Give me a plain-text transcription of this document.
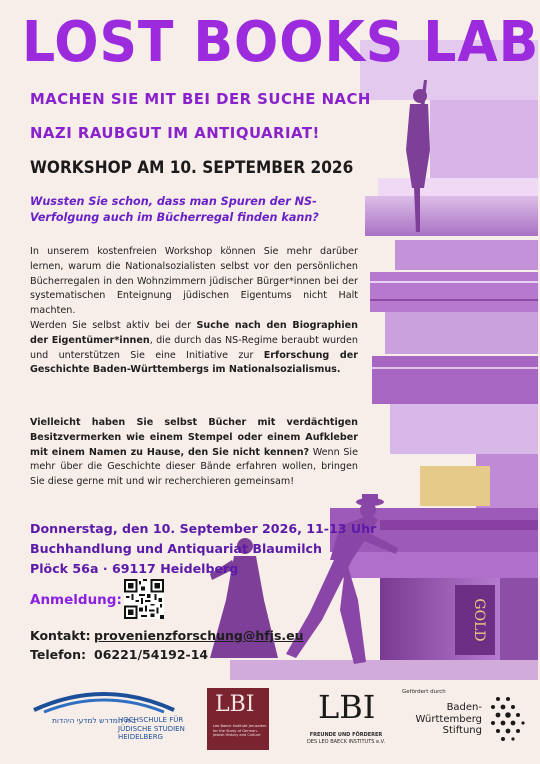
GOLD
LOST BOOKS LAB
MACHEN SIE MIT BEI DER SUCHE NACH
NAZI RAUBGUT IM ANTIQUARIAT!
WORKSHOP AM 10. SEPTEMBER 2026
Wussten Sie schon, dass man Spuren der NS-Verfolgung auch im Bücherregal finden kann?
In unserem kostenfreien Workshop können Sie mehr darüber lernen, warum die Nationalsozialisten selbst vor den persönlichen Bücherregalen in den Wohnzimmern jüdischer Bürger*innen bei der systematischen Enteignung jüdischen Eigentums nicht Halt machten.
Werden Sie selbst aktiv bei der Suche nach den Biographien der Eigentümer*innen, die durch das NS-Regime beraubt wurden und unterstützen Sie eine Initiative zur Erforschung der Geschichte Baden-Württembergs im Nationalsozialismus.
Vielleicht haben Sie selbst Bücher mit verdächtigen Besitzvermerken wie einem Stempel oder einem Aufkleber mit einem Namen zu Hause, den Sie nicht kennen? Wenn Sie mehr über die Geschichte dieser Bände erfahren wollen, bringen Sie diese gerne mit und wir recherchieren gemeinsam!
Donnerstag, den 10. September 2026, 11-13 Uhr
Buchhandlung und Antiquariat Blaumilch
Plöck 56a · 69117 Heidelberg
Anmeldung:
Kontakt: provenienzforschung@hfjs.eu
Telefon: 06221/54192-14
בית המדרש למדעי היהדות
HOCHSCHULE FÜR
JÜDISCHE STUDIEN
HEIDELBERG
LBI
Leo Baeck Institute Jerusalem
for the Study of German-Jewish History and Culture
LBI
FREUNDE UND FÖRDERER
DES LEO BAECK INSTITUTS e.V.
Gefördert durch
Baden-
Württemberg
Stiftung
